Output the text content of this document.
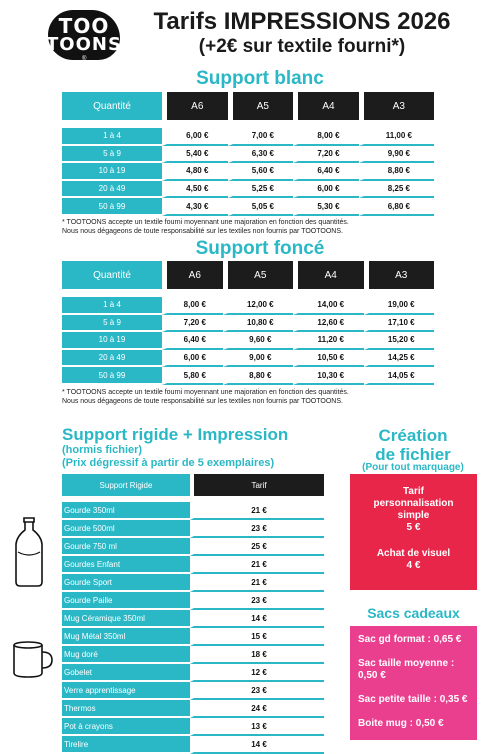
TOO
TOONS
®
Tarifs IMPRESSIONS 2026
(+2€ sur textile fourni*)
Support blanc
Quantité	A6	A5	A4	A3

1 à 4	6,00 €	7,00 €	8,00 €	11,00 €
5 à 9	5,40 €	6,30 €	7,20 €	9,90 €
10 à 19	4,80 €	5,60 €	6,40 €	8,80 €
20 à 49	4,50 €	5,25 €	6,00 €	8,25 €
50 à 99	4,30 €	5,05 €	5,30 €	6,80 €
* TOOTOONS accepte un textile fourni moyennant une majoration en fonction des quantités.
Nous nous dégageons de toute responsabilité sur les textiles non fournis par TOOTOONS.
Support foncé
Quantité	A6	A5	A4	A3

1 à 4	8,00 €	12,00 €	14,00 €	19,00 €
5 à 9	7,20 €	10,80 €	12,60 €	17,10 €
10 à 19	6,40 €	9,60 €	11,20 €	15,20 €
20 à 49	6,00 €	9,00 €	10,50 €	14,25 €
50 à 99	5,80 €	8,80 €	10,30 €	14,05 €
* TOOTOONS accepte un textile fourni moyennant une majoration en fonction des quantités.
Nous nous dégageons de toute responsabilité sur les textiles non fournis par TOOTOONS.
Support rigide + Impression
(hormis fichier)
(Prix dégressif à partir de 5 exemplaires)
Support Rigide	Tarif

Gourde 350ml	21 €
Gourde 500ml	23 €
Gourde 750 ml	25 €
Gourdes Enfant	21 €
Gourde Sport	21 €
Gourde Paille	23 €
Mug Céramique 350ml	14 €
Mug Métal 350ml	15 €
Mug doré	18 €
Gobelet	12 €
Verre apprentissage	23 €
Thermos	24 €
Pot à crayons	13 €
Tirelire	14 €
Création
de fichier
(Pour tout marquage)
Tarif
personnalisation
simple
5 €
Achat de visuel
4 €
Sacs cadeaux
Sac gd format : 0,65 €
Sac taille moyenne :
0,50 €
Sac petite taille : 0,35 €
Boite mug : 0,50 €
